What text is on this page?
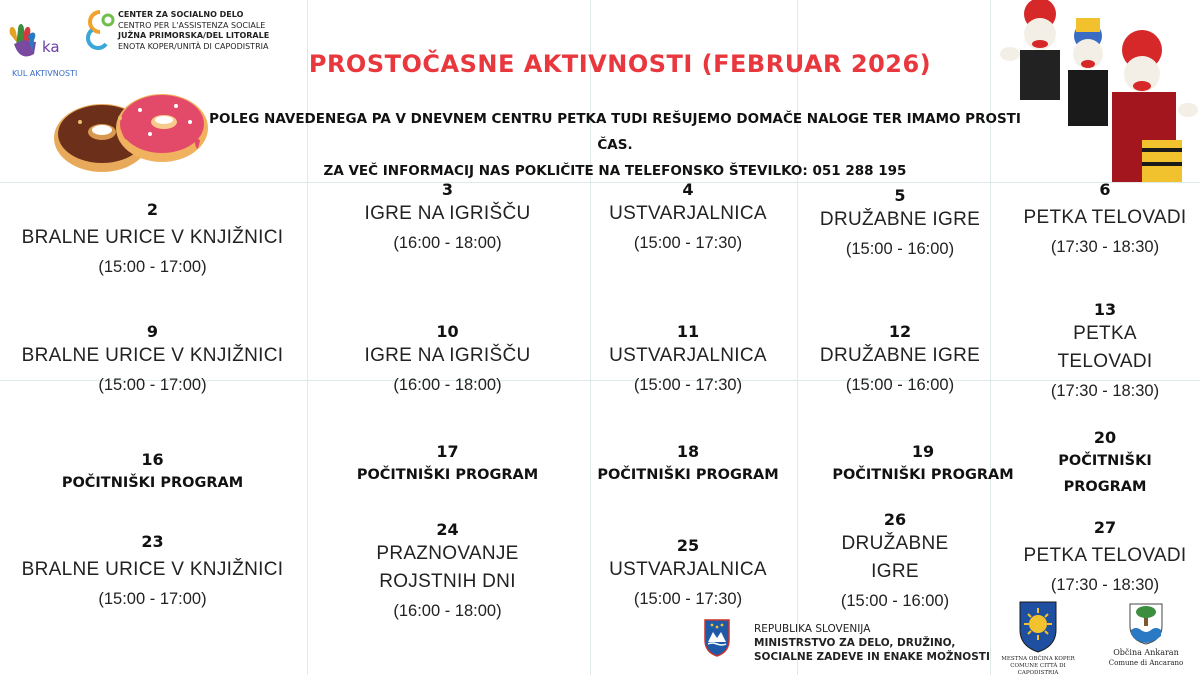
ka
KUL AKTIVNOSTI
CENTER ZA SOCIALNO DELO
CENTRO PER L'ASSISTENZA SOCIALE
JUŽNA PRIMORSKA/DEL LITORALE
ENOTA KOPER/UNITÀ DI CAPODISTRIA
PROSTOČASNE AKTIVNOSTI (FEBRUAR 2026)
POLEG NAVEDENEGA PA V DNEVNEM CENTRU PETKA TUDI REŠUJEMO DOMAČE NALOGE TER IMAMO PROSTI ČAS.
ZA VEČ INFORMACIJ NAS POKLIČITE NA TELEFONSKO ŠTEVILKO: 051 288 195
2
BRALNE URICE V KNJIŽNICI
(15:00 - 17:00)
3
IGRE NA IGRIŠČU
(16:00 - 18:00)
4
USTVARJALNICA
(15:00 - 17:30)
5
DRUŽABNE IGRE
(15:00 - 16:00)
6
PETKA TELOVADI
(17:30 - 18:30)
9
BRALNE URICE V KNJIŽNICI
(15:00 - 17:00)
10
IGRE NA IGRIŠČU
(16:00 - 18:00)
11
USTVARJALNICA
(15:00 - 17:30)
12
DRUŽABNE IGRE
(15:00 - 16:00)
13
PETKA
TELOVADI
(17:30 - 18:30)
16
POČITNIŠKI PROGRAM
17
POČITNIŠKI PROGRAM
18
POČITNIŠKI PROGRAM
19
POČITNIŠKI PROGRAM
20
POČITNIŠKI
PROGRAM
23
BRALNE URICE V KNJIŽNICI
(15:00 - 17:00)
24
PRAZNOVANJE
ROJSTNIH DNI
(16:00 - 18:00)
25
USTVARJALNICA
(15:00 - 17:30)
26
DRUŽABNE
IGRE
(15:00 - 16:00)
27
PETKA TELOVADI
(17:30 - 18:30)
REPUBLIKA SLOVENIJA
MINISTRSTVO ZA DELO, DRUŽINO,
SOCIALNE ZADEVE IN ENAKE MOŽNOSTI	MESTNA OBČINA KOPER
COMUNE CITTÀ DI CAPODISTRIA
Občina Ankaran
Comune di Ancarano
